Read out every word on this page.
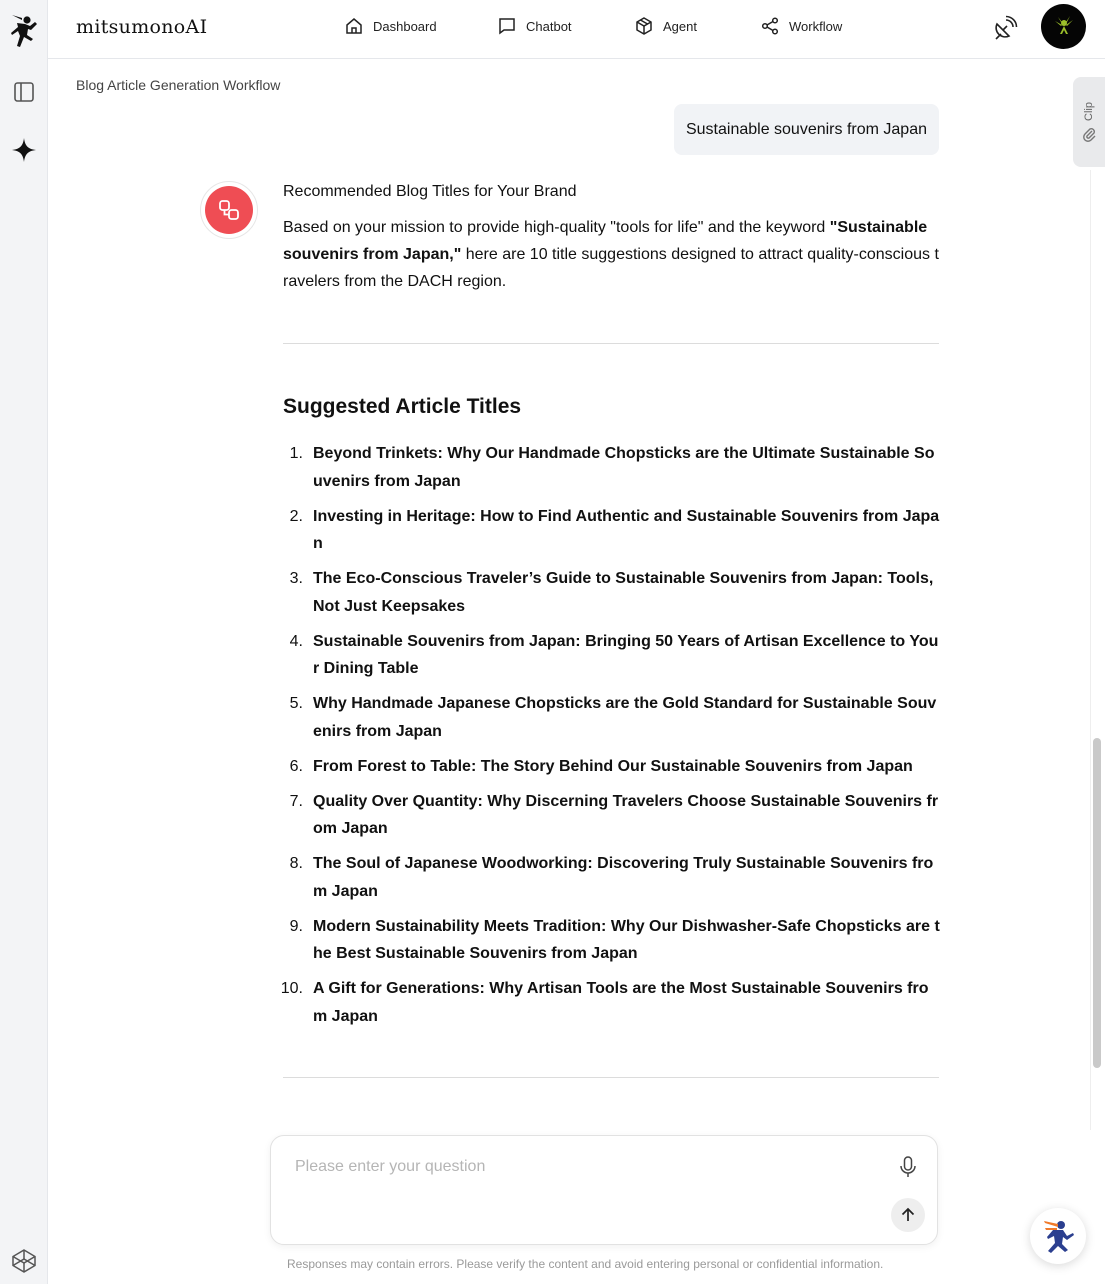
mitsumonoAI	Dashboard	Chatbot	Agent	Workflow
Blog Article Generation Workflow
Clip
Sustainable souvenirs from Japan
Recommended Blog Titles for Your Brand
Based on your mission to provide high-quality "tools for life" and the keyword "Sustainable souvenirs from Japan," here are 10 title suggestions designed to attract quality-conscious travelers from the DACH region.
Suggested Article Titles
1. Beyond Trinkets: Why Our Handmade Chopsticks are the Ultimate Sustainable Souvenirs from Japan
2. Investing in Heritage: How to Find Authentic and Sustainable Souvenirs from Japan
3. The Eco-Conscious Traveler’s Guide to Sustainable Souvenirs from Japan: Tools, Not Just Keepsakes
4. Sustainable Souvenirs from Japan: Bringing 50 Years of Artisan Excellence to Your Dining Table
5. Why Handmade Japanese Chopsticks are the Gold Standard for Sustainable Souvenirs from Japan
6. From Forest to Table: The Story Behind Our Sustainable Souvenirs from Japan
7. Quality Over Quantity: Why Discerning Travelers Choose Sustainable Souvenirs from Japan
8. The Soul of Japanese Woodworking: Discovering Truly Sustainable Souvenirs from Japan
9. Modern Sustainability Meets Tradition: Why Our Dishwasher-Safe Chopsticks are the Best Sustainable Souvenirs from Japan
10. A Gift for Generations: Why Artisan Tools are the Most Sustainable Souvenirs from Japan
Please enter your question
Responses may contain errors. Please verify the content and avoid entering personal or confidential information.
